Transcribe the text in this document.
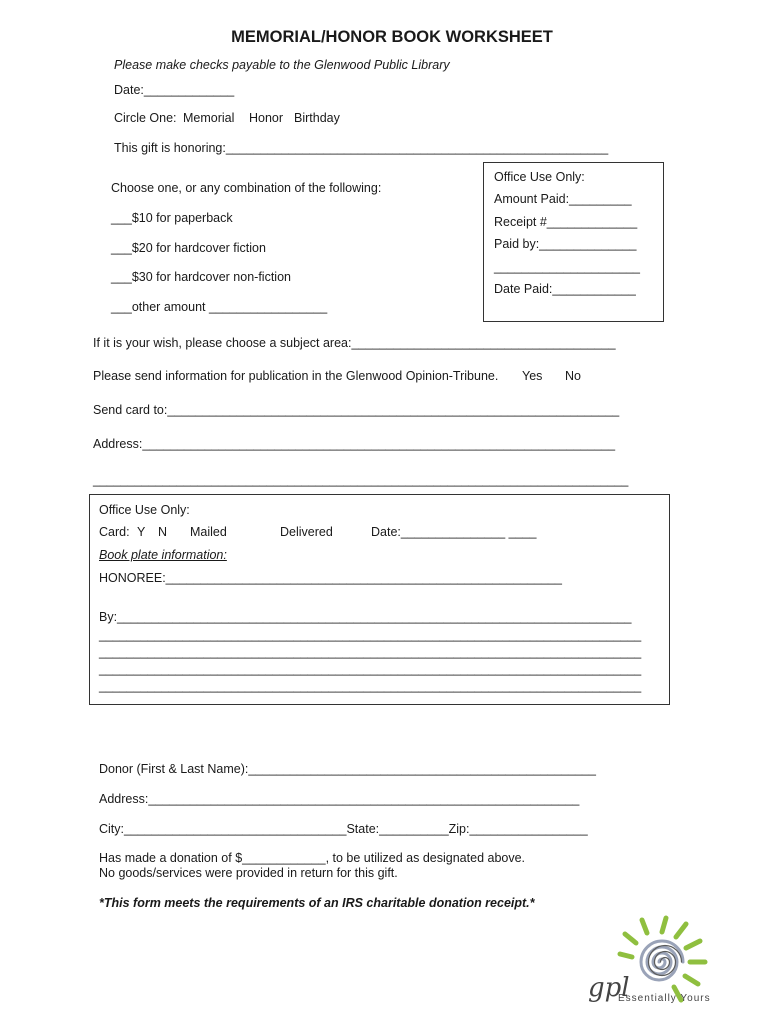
MEMORIAL/HONOR BOOK WORKSHEET
Please make checks payable to the Glenwood Public Library
Date:_____________
Circle One: Memorial Honor Birthday
This gift is honoring:_______________________________________________________
Office Use Only:
Amount Paid:_________
Receipt #_____________
Paid by:______________
_____________________
Date Paid:____________
Choose one, or any combination of the following:
___$10 for paperback
___$20 for hardcover fiction
___$30 for hardcover non-fiction
___other amount _________________
If it is your wish, please choose a subject area:______________________________________
Please send information for publication in the Glenwood Opinion-Tribune. Yes No
Send card to:_________________________________________________________________
Address:____________________________________________________________________
_____________________________________________________________________________
Office Use Only:
Card: Y N Mailed	Delivered	Date:_______________ ____
Book plate information:
HONOREE:_________________________________________________________
By:__________________________________________________________________________
______________________________________________________________________________
______________________________________________________________________________
______________________________________________________________________________
______________________________________________________________________________
Donor (First & Last Name):__________________________________________________
Address:______________________________________________________________
City:________________________________State:__________Zip:_________________
Has made a donation of $____________, to be utilized as designated above.
No goods/services were provided in return for this gift.
*This form meets the requirements of an IRS charitable donation receipt.*
gpl
Essentially Yours
